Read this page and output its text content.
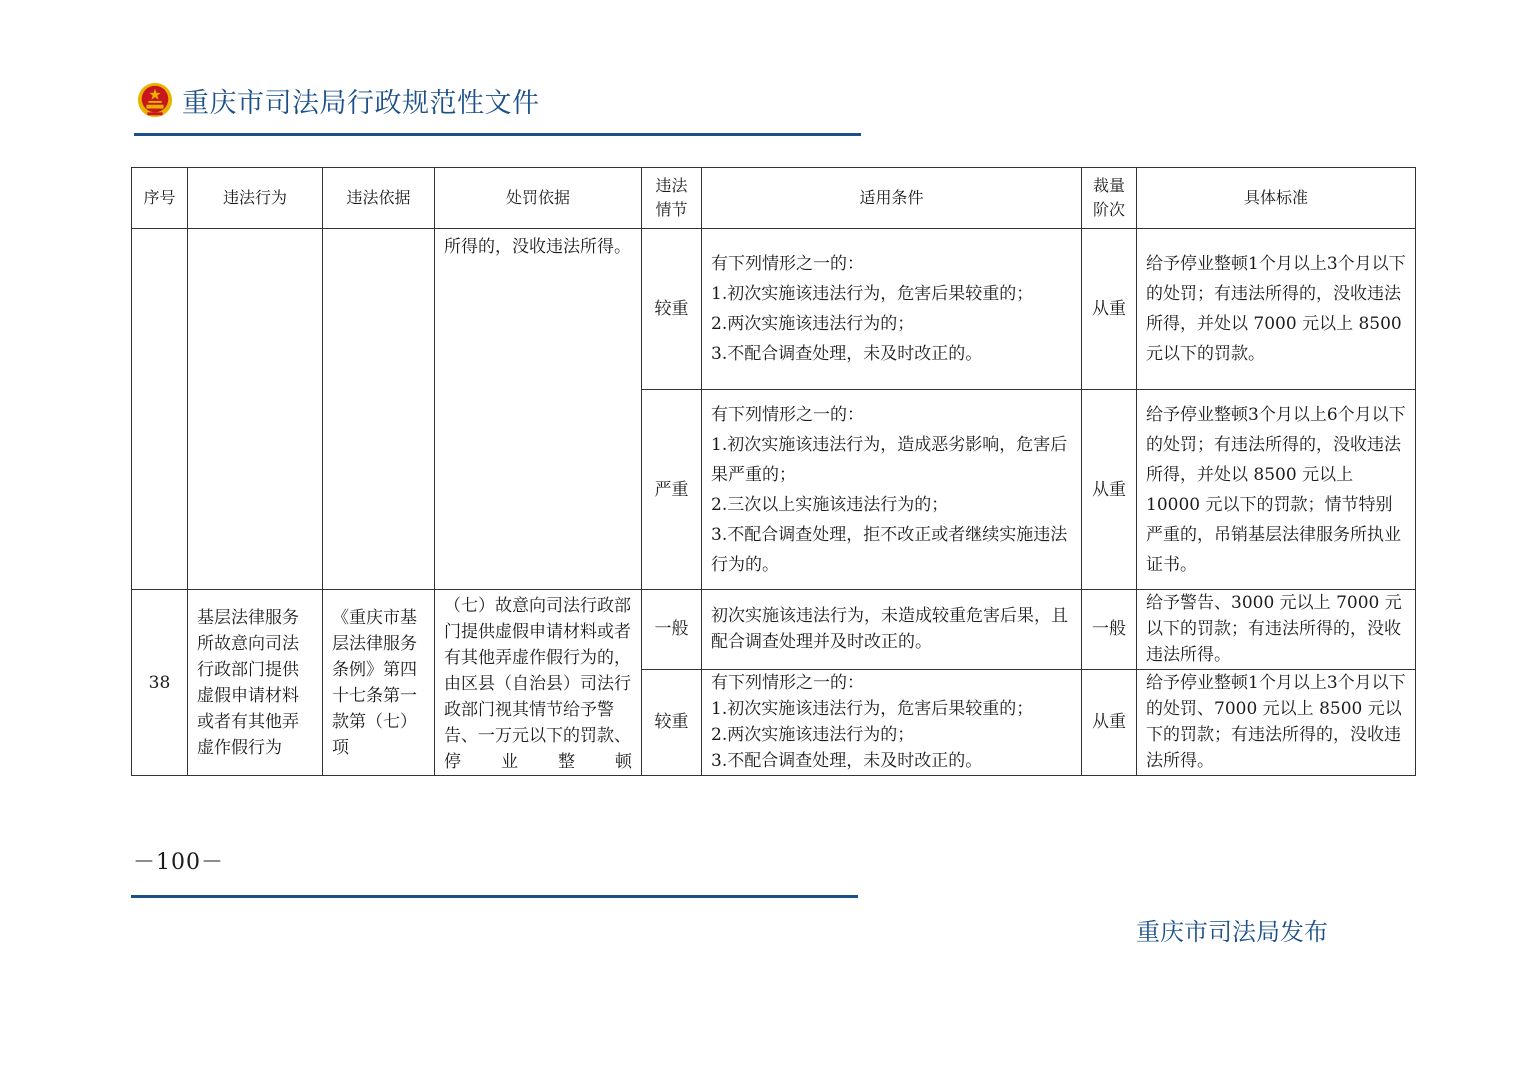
重庆市司法局行政规范性文件
序号	违法行为	违法依据	处罚依据	违法情节	适用条件	裁量阶次	具体标准
			所得的，没收违法所得。	较重	有下列情形之一的：
1.初次实施该违法行为，危害后果较重的；
2.两次实施该违法行为的；
3.不配合调查处理，未及时改正的。	从重	给予停业整顿1个月以上3个月以下的处罚；有违法所得的，没收违法所得，并处以 7000 元以上 8500 元以下的罚款。
				严重	有下列情形之一的：
1.初次实施该违法行为，造成恶劣影响，危害后果严重的；
2.三次以上实施该违法行为的；
3.不配合调查处理，拒不改正或者继续实施违法行为的。	从重	给予停业整顿3个月以上6个月以下的处罚；有违法所得的，没收违法所得，并处以 8500 元以上 10000 元以下的罚款；情节特别严重的，吊销基层法律服务所执业证书。
38	基层法律服务所故意向司法行政部门提供虚假申请材料或者有其他弄虚作假行为	《重庆市基层法律服务条例》第四十七条第一款第（七）项	（七）故意向司法行政部门提供虚假申请材料或者有其他弄虚作假行为的，由区县（自治县）司法行政部门视其情节给予警告、一万元以下的罚款、停业整顿	一般	初次实施该违法行为，未造成较重危害后果，且配合调查处理并及时改正的。	一般	给予警告、3000 元以上 7000 元以下的罚款；有违法所得的，没收违法所得。
				较重	有下列情形之一的：
1.初次实施该违法行为，危害后果较重的；
2.两次实施该违法行为的；
3.不配合调查处理，未及时改正的。	从重	给予停业整顿1个月以上3个月以下的处罚、7000 元以上 8500 元以下的罚款；有违法所得的，没收违法所得。
－100－
重庆市司法局发布
